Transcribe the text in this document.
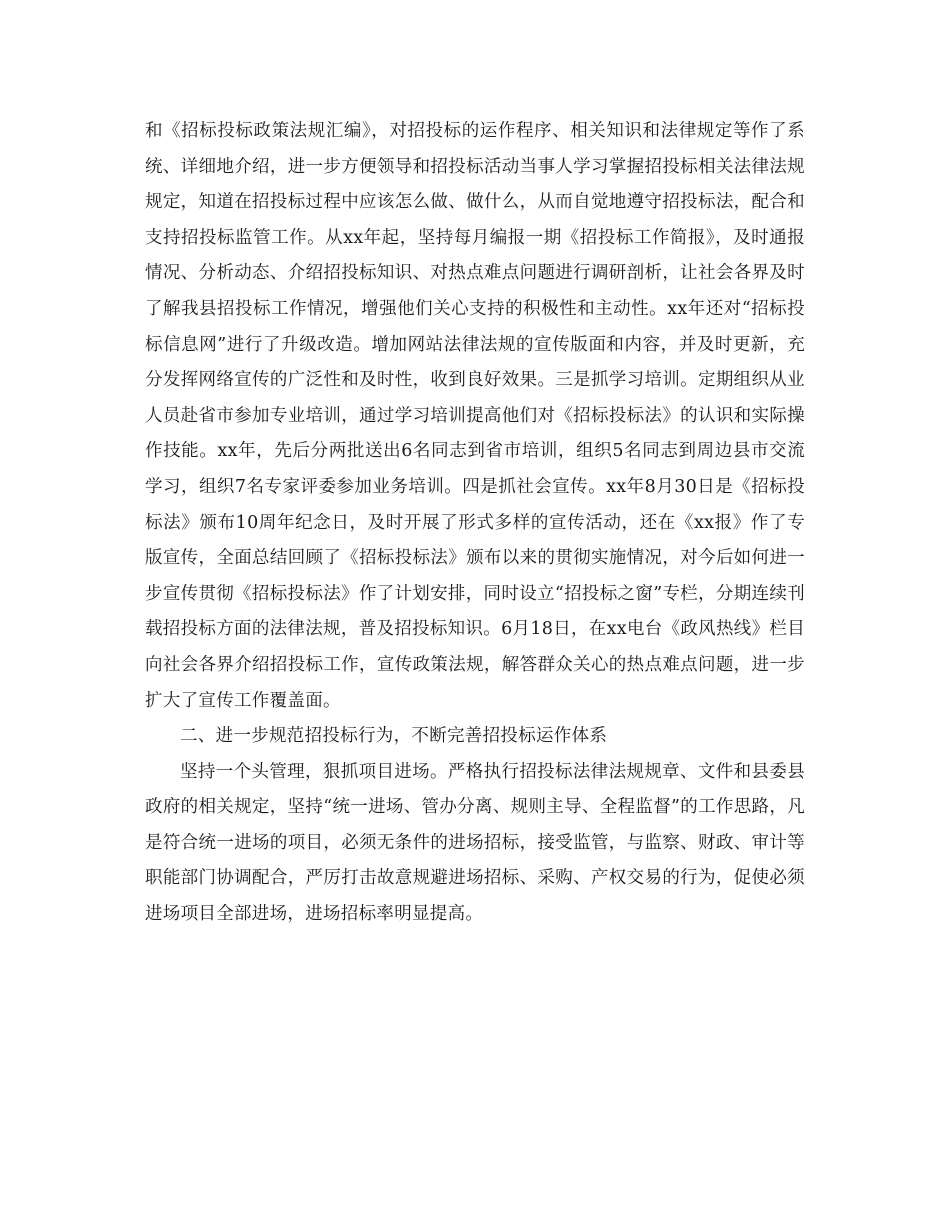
和《招标投标政策法规汇编》，对招投标的运作程序、相关知识和法律规定等作了系统、详细地介绍，进一步方便领导和招投标活动当事人学习掌握招投标相关法律法规规定，知道在招投标过程中应该怎么做、做什么，从而自觉地遵守招投标法，配合和支持招投标监管工作。从xx年起，坚持每月编报一期《招投标工作简报》，及时通报情况、分析动态、介绍招投标知识、对热点难点问题进行调研剖析，让社会各界及时了解我县招投标工作情况，增强他们关心支持的积极性和主动性。xx年还对“招标投标信息网”进行了升级改造。增加网站法律法规的宣传版面和内容，并及时更新，充分发挥网络宣传的广泛性和及时性，收到良好效果。三是抓学习培训。定期组织从业人员赴省市参加专业培训，通过学习培训提高他们对《招标投标法》的认识和实际操作技能。xx年，先后分两批送出6名同志到省市培训，组织5名同志到周边县市交流学习，组织7名专家评委参加业务培训。四是抓社会宣传。xx年8月30日是《招标投标法》颁布10周年纪念日，及时开展了形式多样的宣传活动，还在《xx报》作了专版宣传，全面总结回顾了《招标投标法》颁布以来的贯彻实施情况，对今后如何进一步宣传贯彻《招标投标法》作了计划安排，同时设立“招投标之窗”专栏，分期连续刊载招投标方面的法律法规，普及招投标知识。6月18日，在xx电台《政风热线》栏目向社会各界介绍招投标工作，宣传政策法规，解答群众关心的热点难点问题，进一步扩大了宣传工作覆盖面。

二、进一步规范招投标行为，不断完善招投标运作体系

坚持一个头管理，狠抓项目进场。严格执行招投标法律法规规章、文件和县委县政府的相关规定，坚持“统一进场、管办分离、规则主导、全程监督”的工作思路，凡是符合统一进场的项目，必须无条件的进场招标，接受监管，与监察、财政、审计等职能部门协调配合，严厉打击故意规避进场招标、采购、产权交易的行为，促使必须进场项目全部进场，进场招标率明显提高。
